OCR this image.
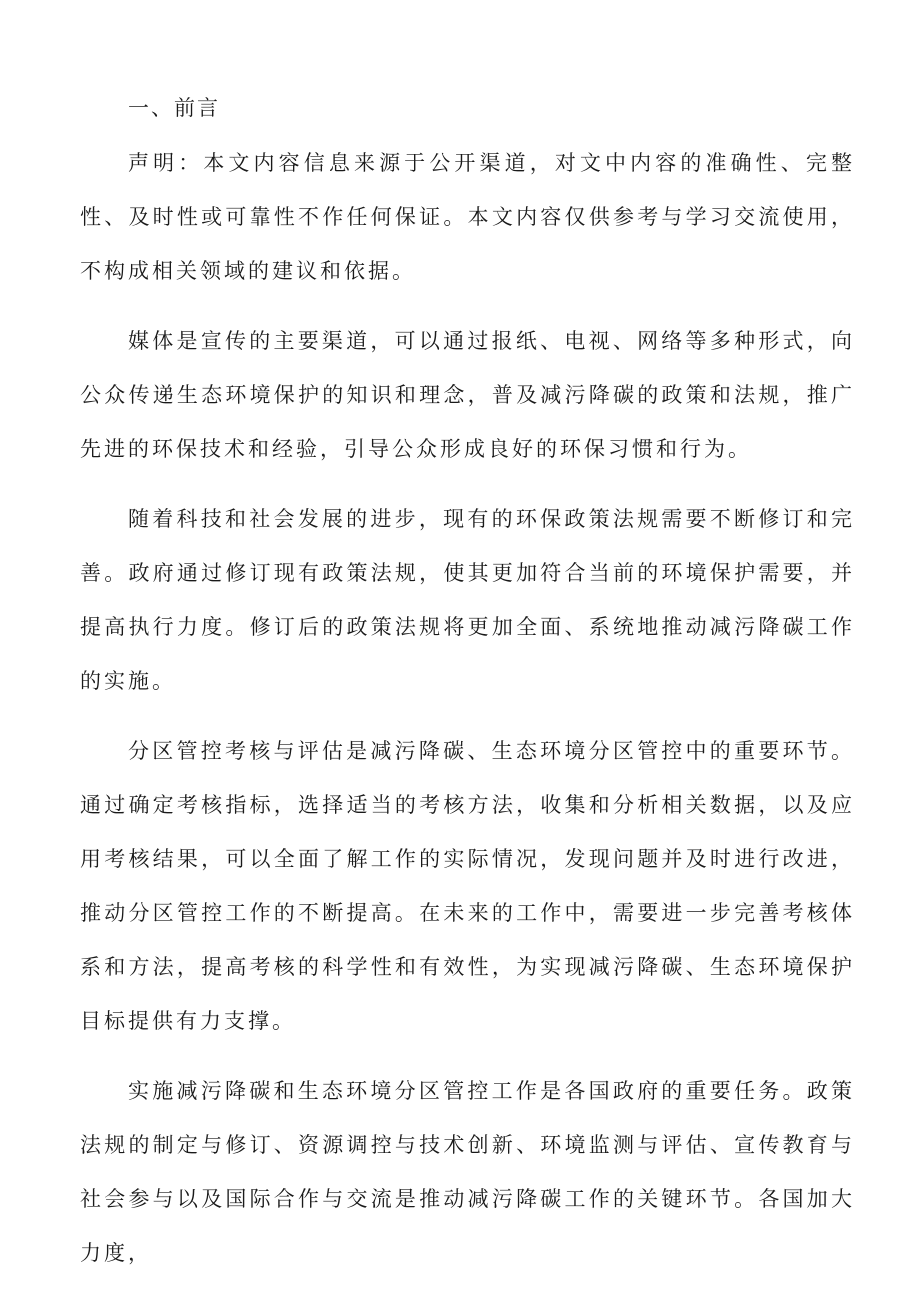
一、前言

声明：本文内容信息来源于公开渠道，对文中内容的准确性、完整性、及时性或可靠性不作任何保证。本文内容仅供参考与学习交流使用，不构成相关领域的建议和依据。

媒体是宣传的主要渠道，可以通过报纸、电视、网络等多种形式，向公众传递生态环境保护的知识和理念，普及减污降碳的政策和法规，推广先进的环保技术和经验，引导公众形成良好的环保习惯和行为。

随着科技和社会发展的进步，现有的环保政策法规需要不断修订和完善。政府通过修订现有政策法规，使其更加符合当前的环境保护需要，并提高执行力度。修订后的政策法规将更加全面、系统地推动减污降碳工作的实施。

分区管控考核与评估是减污降碳、生态环境分区管控中的重要环节。通过确定考核指标，选择适当的考核方法，收集和分析相关数据，以及应用考核结果，可以全面了解工作的实际情况，发现问题并及时进行改进，推动分区管控工作的不断提高。在未来的工作中，需要进一步完善考核体系和方法，提高考核的科学性和有效性，为实现减污降碳、生态环境保护目标提供有力支撑。

实施减污降碳和生态环境分区管控工作是各国政府的重要任务。政策法规的制定与修订、资源调控与技术创新、环境监测与评估、宣传教育与社会参与以及国际合作与交流是推动减污降碳工作的关键环节。各国加大力度，
